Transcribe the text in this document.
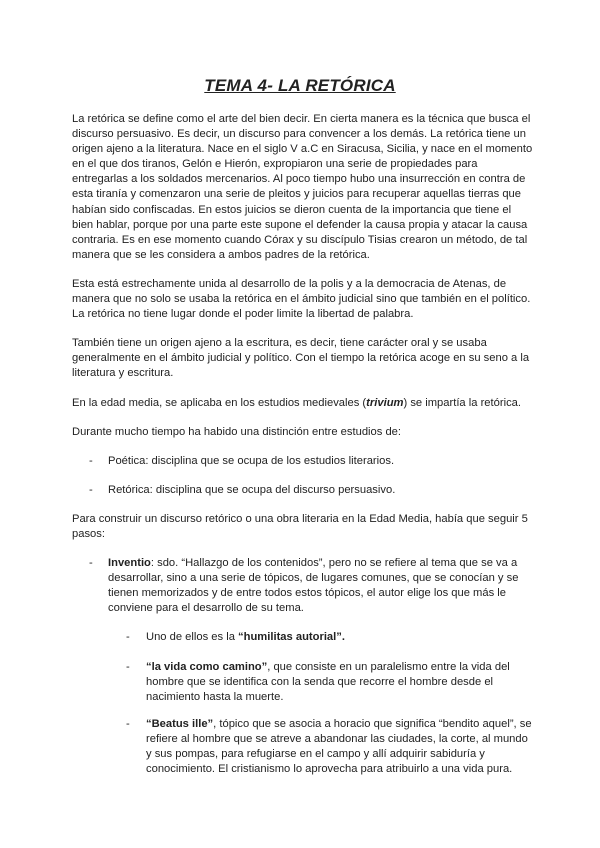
TEMA 4- LA RETÓRICA

La retórica se define como el arte del bien decir. En cierta manera es la técnica que busca el discurso persuasivo. Es decir, un discurso para convencer a los demás. La retórica tiene un origen ajeno a la literatura. Nace en el siglo V a.C en Siracusa, Sicilia, y nace en el momento en el que dos tiranos, Gelón e Hierón, expropiaron una serie de propiedades para entregarlas a los soldados mercenarios. Al poco tiempo hubo una insurrección en contra de esta tiranía y comenzaron una serie de pleitos y juicios para recuperar aquellas tierras que habían sido confiscadas. En estos juicios se dieron cuenta de la importancia que tiene el bien hablar, porque por una parte este supone el defender la causa propia y atacar la causa contraria. Es en ese momento cuando Córax y su discípulo Tisias crearon un método, de tal manera que se les considera a ambos padres de la retórica.

Esta está estrechamente unida al desarrollo de la polis y a la democracia de Atenas, de manera que no solo se usaba la retórica en el ámbito judicial sino que también en el político. La retórica no tiene lugar donde el poder limite la libertad de palabra.

También tiene un origen ajeno a la escritura, es decir, tiene carácter oral y se usaba generalmente en el ámbito judicial y político. Con el tiempo la retórica acoge en su seno a la literatura y escritura.

En la edad media, se aplicaba en los estudios medievales (trivium) se impartía la retórica.

Durante mucho tiempo ha habido una distinción entre estudios de:

- Poética: disciplina que se ocupa de los estudios literarios.
- Retórica: disciplina que se ocupa del discurso persuasivo.

Para construir un discurso retórico o una obra literaria en la Edad Media, había que seguir 5 pasos:

- Inventio: sdo. “Hallazgo de los contenidos”, pero no se refiere al tema que se va a desarrollar, sino a una serie de tópicos, de lugares comunes, que se conocían y se tienen memorizados y de entre todos estos tópicos, el autor elige los que más le conviene para el desarrollo de su tema.
- Uno de ellos es la “humilitas autorial”.
- “la vida como camino”, que consiste en un paralelismo entre la vida del hombre que se identifica con la senda que recorre el hombre desde el nacimiento hasta la muerte.
- “Beatus ille”, tópico que se asocia a horacio que significa “bendito aquel”, se refiere al hombre que se atreve a abandonar las ciudades, la corte, al mundo y sus pompas, para refugiarse en el campo y allí adquirir sabiduría y conocimiento. El cristianismo lo aprovecha para atribuirlo a una vida pura.
